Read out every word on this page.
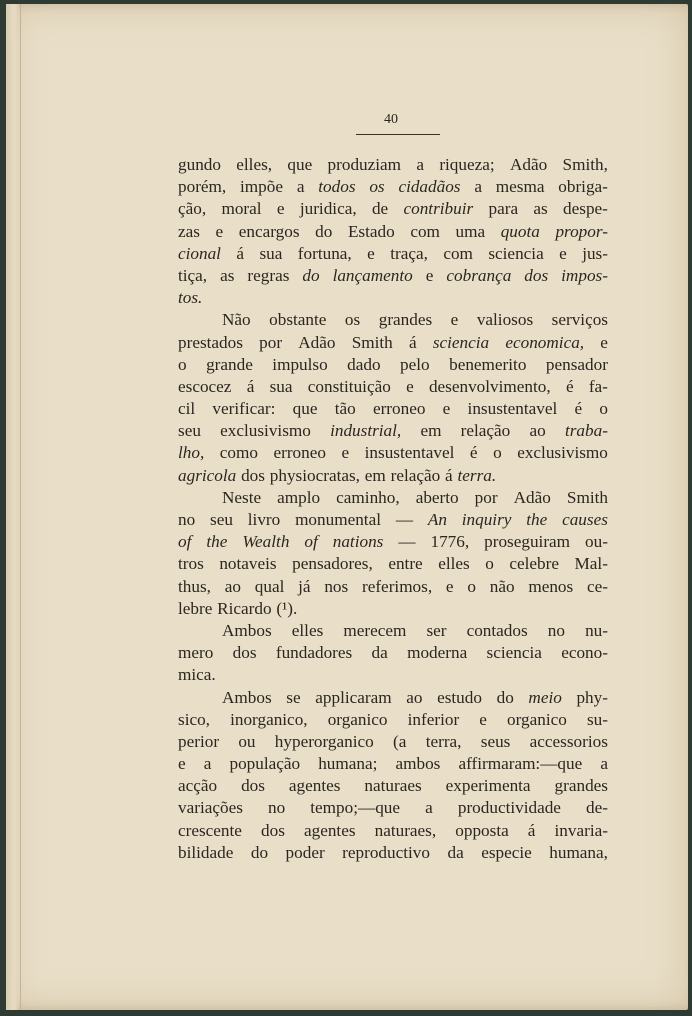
40
gundo elles, que produziam a riqueza; Adão Smith,
porém, impõe a todos os cidadãos a mesma obriga-
ção, moral e juridica, de contribuir para as despe-
zas e encargos do Estado com uma quota propor-
cional á sua fortuna, e traça, com sciencia e jus-
tiça, as regras do lançamento e cobrança dos impos-
tos.
Não obstante os grandes e valiosos serviços
prestados por Adão Smith á sciencia economica, e
o grande impulso dado pelo benemerito pensador
escocez á sua constituição e desenvolvimento, é fa-
cil verificar: que tão erroneo e insustentavel é o
seu exclusivismo industrial, em relação ao traba-
lho, como erroneo e insustentavel é o exclusivismo
agricola dos physiocratas, em relação á terra.
Neste amplo caminho, aberto por Adão Smith
no seu livro monumental — An inquiry the causes
of the Wealth of nations — 1776, proseguiram ou-
tros notaveis pensadores, entre elles o celebre Mal-
thus, ao qual já nos referimos, e o não menos ce-
lebre Ricardo (¹).
Ambos elles merecem ser contados no nu-
mero dos fundadores da moderna sciencia econo-
mica.
Ambos se applicaram ao estudo do meio phy-
sico, inorganico, organico inferior e organico su-
perior ou hyperorganico (a terra, seus accessorios
e a população humana; ambos affirmaram:—que a
acção dos agentes naturaes experimenta grandes
variações no tempo;—que a productividade de-
crescente dos agentes naturaes, opposta á invaria-
bilidade do poder reproductivo da especie humana,
